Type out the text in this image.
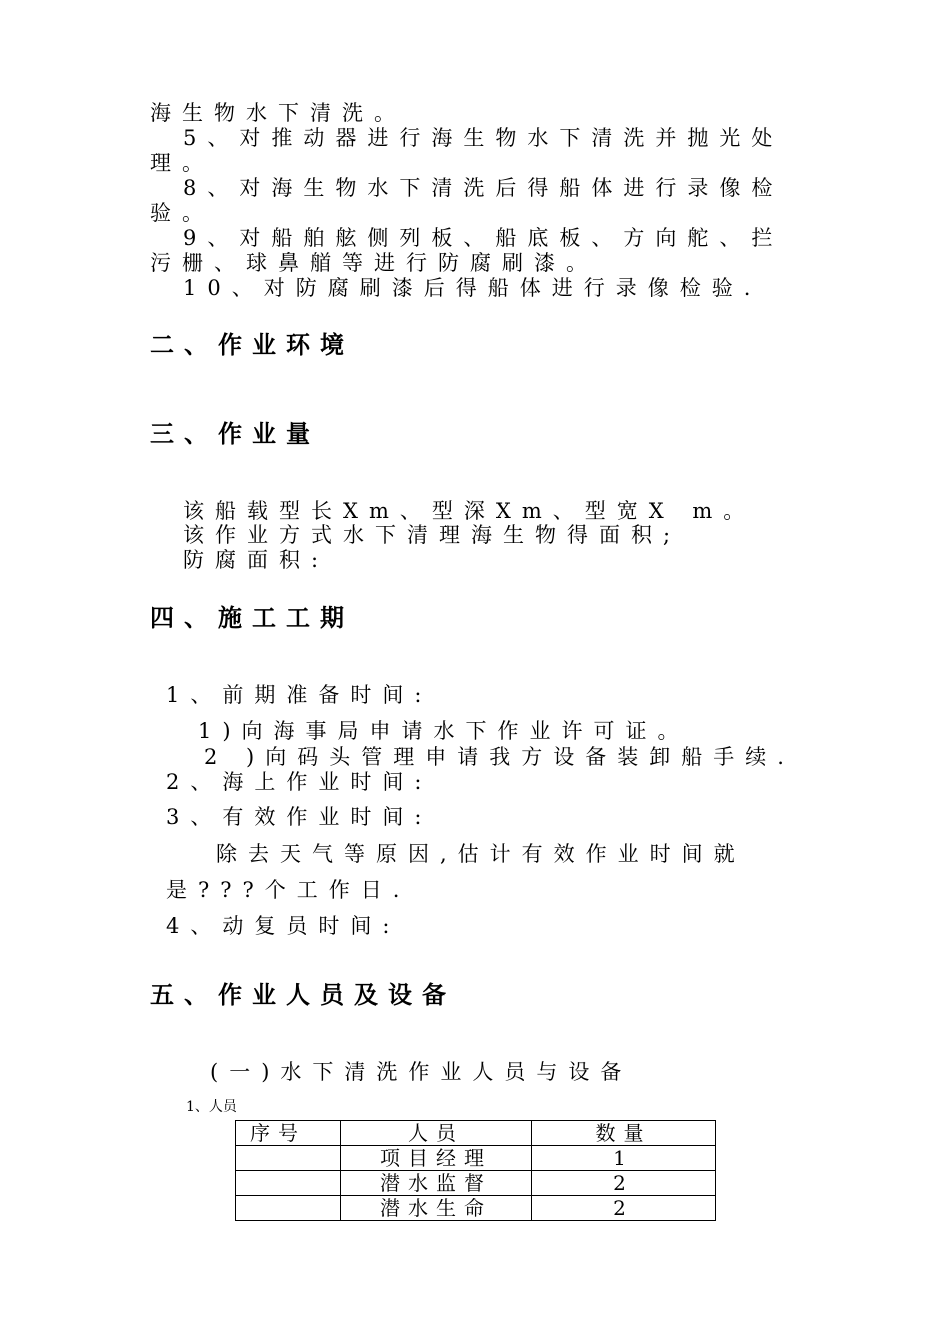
海生物水下清洗。
5、对推动器进行海生物水下清洗并抛光处
理。
8、对海生物水下清洗后得船体进行录像检
验。
9、对船舶舷侧列板、船底板、方向舵、拦
污栅、球鼻艏等进行防腐刷漆。
10、对防腐刷漆后得船体进行录像检验.
二、作业环境
三、作业量
该船载型长Xm、型深Xm、型宽X m。
该作业方式水下清理海生物得面积;
防腐面积:
四、施工工期
1、前期准备时间:
1)向海事局申请水下作业许可证。
2 )向码头管理申请我方设备装卸船手续.
2、海上作业时间:
3、有效作业时间:
除去天气等原因,估计有效作业时间就
是???个工作日.
4、动复员时间:
五、作业人员及设备
(一)水下清洗作业人员与设备
1、人员
序号	人员	数量
	项目经理	1
	潜水监督	2
	潜水生命	2
